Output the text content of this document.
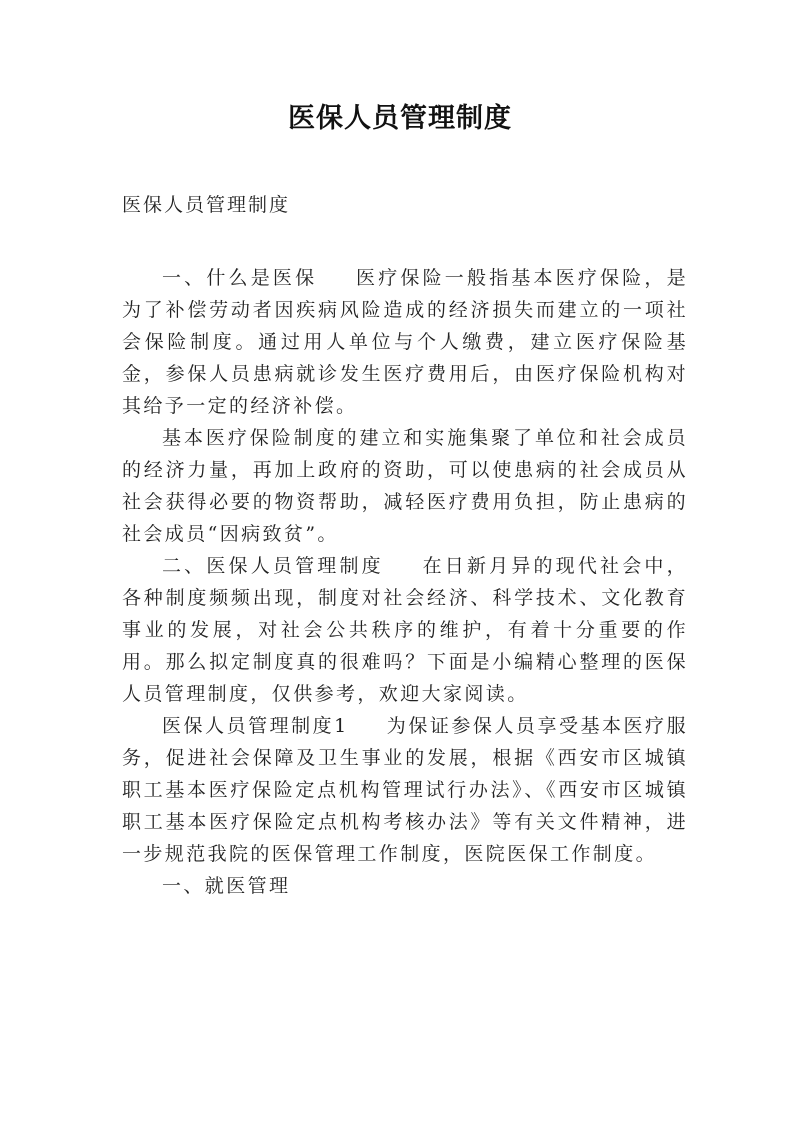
医保人员管理制度

医保人员管理制度

一、什么是医保 医疗保险一般指基本医疗保险，是为了补偿劳动者因疾病风险造成的经济损失而建立的一项社会保险制度。通过用人单位与个人缴费，建立医疗保险基金，参保人员患病就诊发生医疗费用后，由医疗保险机构对其给予一定的经济补偿。

基本医疗保险制度的建立和实施集聚了单位和社会成员的经济力量，再加上政府的资助，可以使患病的社会成员从社会获得必要的物资帮助，减轻医疗费用负担，防止患病的社会成员“因病致贫”。

二、医保人员管理制度 在日新月异的现代社会中，各种制度频频出现，制度对社会经济、科学技术、文化教育事业的发展，对社会公共秩序的维护，有着十分重要的作用。那么拟定制度真的很难吗？下面是小编精心整理的医保人员管理制度，仅供参考，欢迎大家阅读。

医保人员管理制度1 为保证参保人员享受基本医疗服务，促进社会保障及卫生事业的发展，根据《西安市区城镇职工基本医疗保险定点机构管理试行办法》、《西安市区城镇职工基本医疗保险定点机构考核办法》等有关文件精神，进一步规范我院的医保管理工作制度，医院医保工作制度。

一、就医管理
